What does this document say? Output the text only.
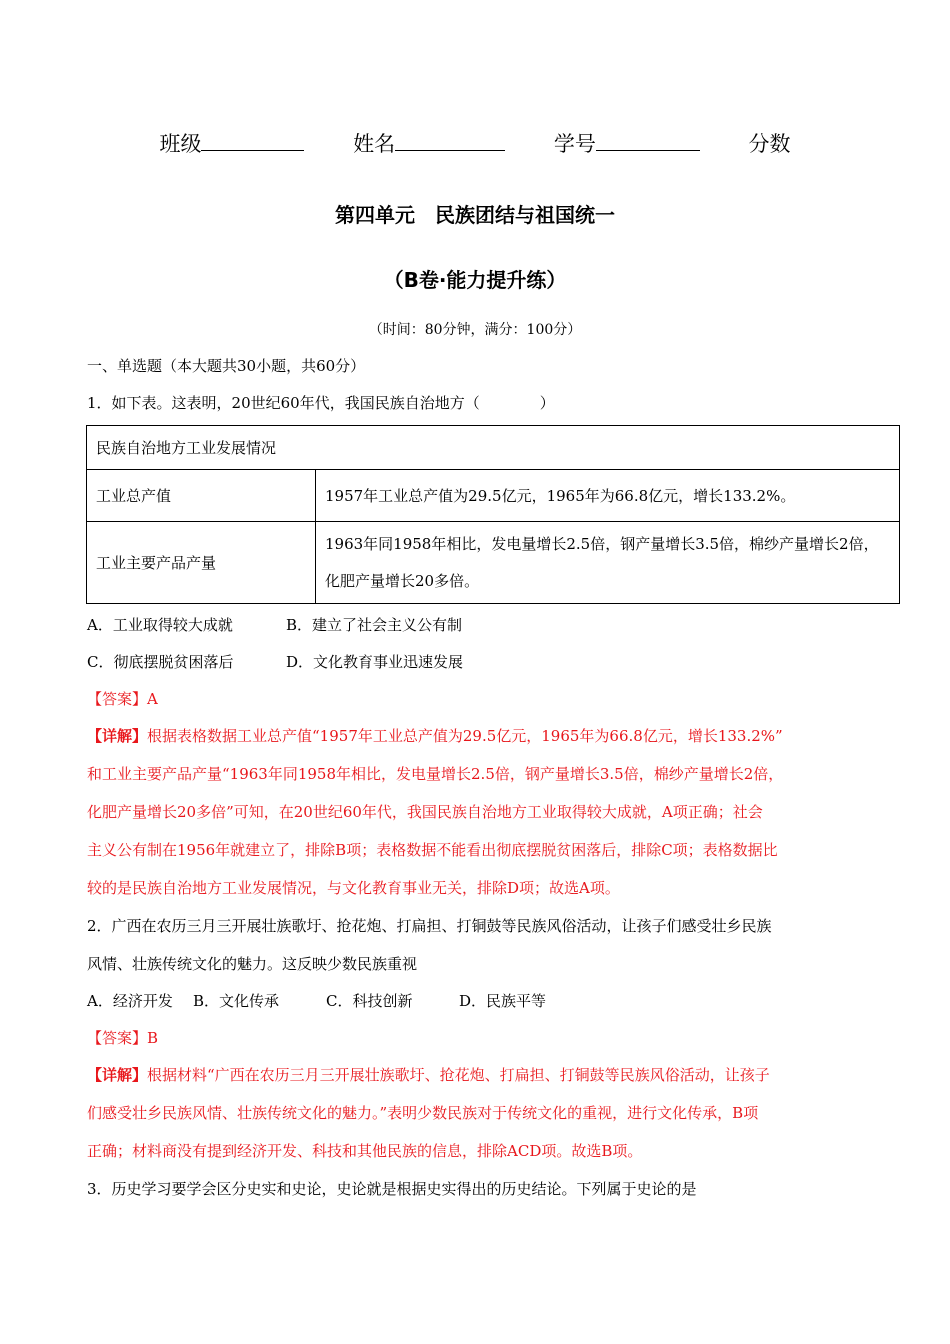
班级	姓名	学号	分数
第四单元　民族团结与祖国统一
（B卷·能力提升练）
（时间：80分钟，满分：100分）
一、单选题（本大题共30小题，共60分）
1．如下表。这表明，20世纪60年代，我国民族自治地方（　　　　）
民族自治地方工业发展情况	
工业总产值	1957年工业总产值为29.5亿元，1965年为66.8亿元，增长133.2%。
工业主要产品产量	1963年同1958年相比，发电量增长2.5倍，钢产量增长3.5倍，棉纱产量增长2倍，化肥产量增长20多倍。
A．工业取得较大成就	B．建立了社会主义公有制
C．彻底摆脱贫困落后	D．文化教育事业迅速发展
【答案】A
【详解】根据表格数据工业总产值“1957年工业总产值为29.5亿元，1965年为66.8亿元，增长133.2%”
和工业主要产品产量“1963年同1958年相比，发电量增长2.5倍，钢产量增长3.5倍，棉纱产量增长2倍，
化肥产量增长20多倍”可知，在20世纪60年代，我国民族自治地方工业取得较大成就，A项正确；社会
主义公有制在1956年就建立了，排除B项；表格数据不能看出彻底摆脱贫困落后，排除C项；表格数据比
较的是民族自治地方工业发展情况，与文化教育事业无关，排除D项；故选A项。
2．广西在农历三月三开展壮族歌圩、抢花炮、打扁担、打铜鼓等民族风俗活动，让孩子们感受壮乡民族
风情、壮族传统文化的魅力。这反映少数民族重视
A．经济开发 B．文化传承	C．科技创新	D．民族平等
【答案】B
【详解】根据材料“广西在农历三月三开展壮族歌圩、抢花炮、打扁担、打铜鼓等民族风俗活动，让孩子
们感受壮乡民族风情、壮族传统文化的魅力。”表明少数民族对于传统文化的重视，进行文化传承，B项
正确；材料商没有提到经济开发、科技和其他民族的信息，排除ACD项。故选B项。
3．历史学习要学会区分史实和史论，史论就是根据史实得出的历史结论。下列属于史论的是
